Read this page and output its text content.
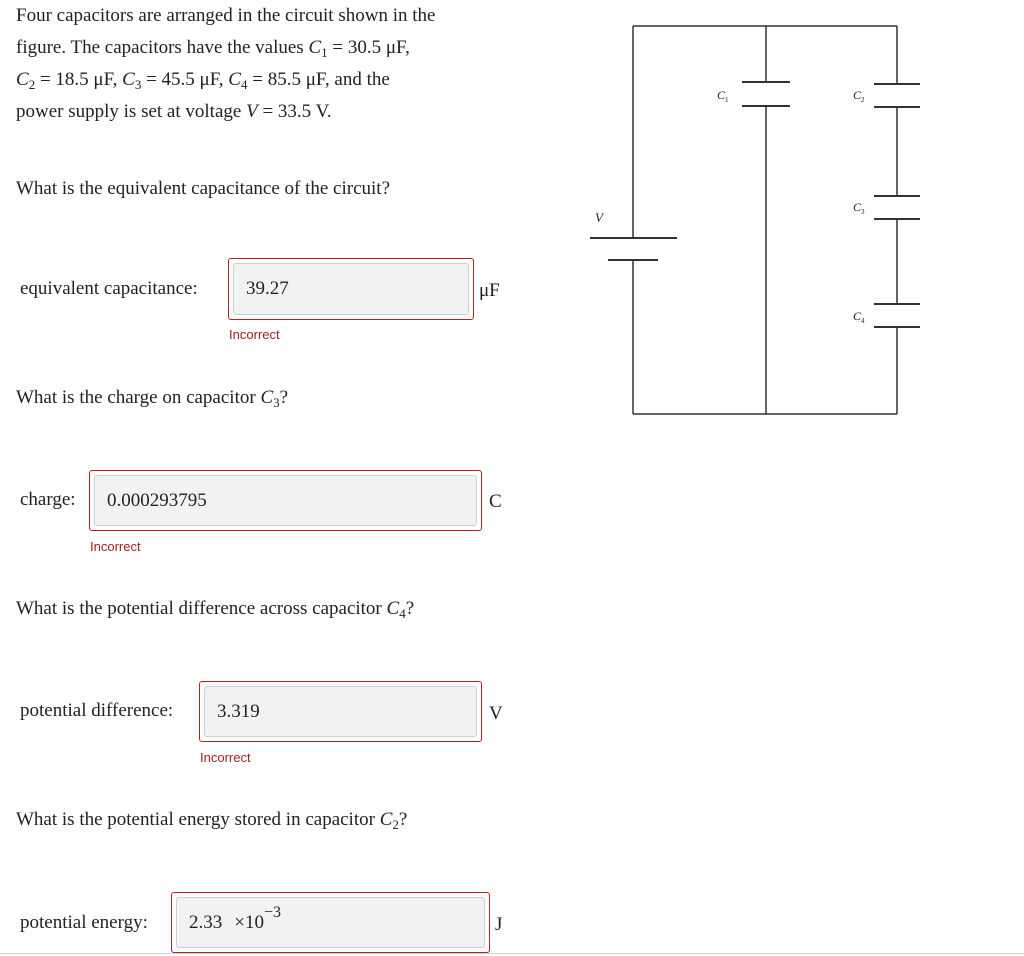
Four capacitors are arranged in the circuit shown in the

figure. The capacitors have the values $C_1 = 30.5$ μF,

$C_2 = 18.5$ μF, $C_3 = 45.5$ μF, $C_4 = 85.5$ μF, and the

power supply is set at voltage V = 33.5 V.

What is the equivalent capacitance of the circuit?
equivalent capacitance:	39.27	μF
Incorrect
What is the charge on capacitor $C_3$?
charge:	0.000293795	C
Incorrect
What is the potential difference across capacitor $C_4$?
potential difference:	3.319	V
Incorrect
What is the potential energy stored in capacitor $C_2$?
potential energy: 2.33 ×10 −3
J
V
$C_1$	$C_2$
$C_3$
$C_4$
